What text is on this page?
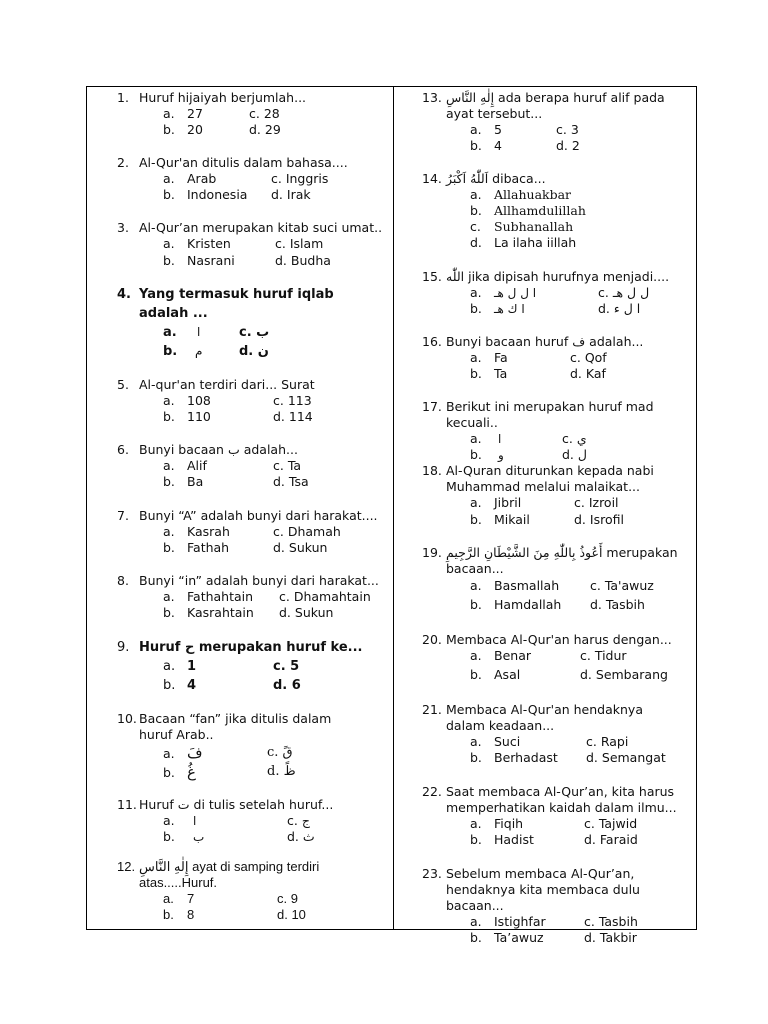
1. Huruf hijaiyah berjumlah...
a. 27	c. 28
b. 20	d. 29
2. Al-Qur'an ditulis dalam bahasa....
a. Arab	c. Inggris
b. Indonesia d. Irak
3. Al-Qur’an merupakan kitab suci umat..
a. Kristen	c. Islam
b. Nasrani	d. Budha
4. Yang termasuk huruf iqlab adalah ...
a. ا	c. ب
b. م	d. ن
5. Al-qur'an terdiri dari... Surat
a. 108	c. 113
b. 110	d. 114
6. Bunyi bacaan ب adalah...
a. Alif	c. Ta
b. Ba	d. Tsa
7. Bunyi “A” adalah bunyi dari harakat....
a. Kasrah	c. Dhamah
b. Fathah	d. Sukun
8. Bunyi “in” adalah bunyi dari harakat...
a. Fathahtain c. Dhamahtain
b. Kasrahtain d. Sukun
9. Huruf ح merupakan huruf ke...
a. 1	c. 5
b. 4	d. 6
10. Bacaan “fan” jika ditulis dalam huruf Arab..
a. فَ	c. قً
b. غُ	d. ظً
11. Huruf ت di tulis setelah huruf...
a. ا	c. ج
b. ب	d. ث
12. إِلٰهِ النَّاسِ ayat di samping terdiri atas.....Huruf.
a. 7	c. 9
b. 8	d. 10
13. إِلٰهِ النَّاسِ ada berapa huruf alif pada ayat tersebut...
a. 5	c. 3
b. 4	d. 2
14. اَللّٰهُ اَكْبَرُ dibaca...
a. Allahuakbar
b. Allhamdulillah
c. Subhanallah
d. La ilaha iillah
15. اللّٰه jika dipisah hurufnya menjadi....
a. ا ل ل هـ	c. ل ل هـ
b. ا ك هـ	d. ا ل ء
16. Bunyi bacaan huruf ف adalah...
a. Fa	c. Qof
b. Ta	d. Kaf
17. Berikut ini merupakan huruf mad kecuali..
a. ا	c. ي
b. و	d. ل
18. Al-Quran diturunkan kepada nabi Muhammad melalui malaikat...
a. Jibril	c. Izroil
b. Mikail	d. Isrofil
19. أَعُوذُ بِاللّٰهِ مِنَ الشَّيْطَانِ الرَّجِيمِ merupakan bacaan...
a. Basmallah c. Ta'awuz
b. Hamdallah d. Tasbih
20. Membaca Al-Qur'an harus dengan...
a. Benar	c. Tidur
b. Asal	d. Sembarang
21. Membaca Al-Qur'an hendaknya dalam keadaan...
a. Suci	c. Rapi
b. Berhadast d. Semangat
22. Saat membaca Al-Qur’an, kita harus memperhatikan kaidah dalam ilmu...
a. Fiqih	c. Tajwid
b. Hadist	d. Faraid
23. Sebelum membaca Al-Qur’an, hendaknya kita membaca dulu bacaan...
a. Istighfar	c. Tasbih
b. Ta’awuz	d. Takbir
